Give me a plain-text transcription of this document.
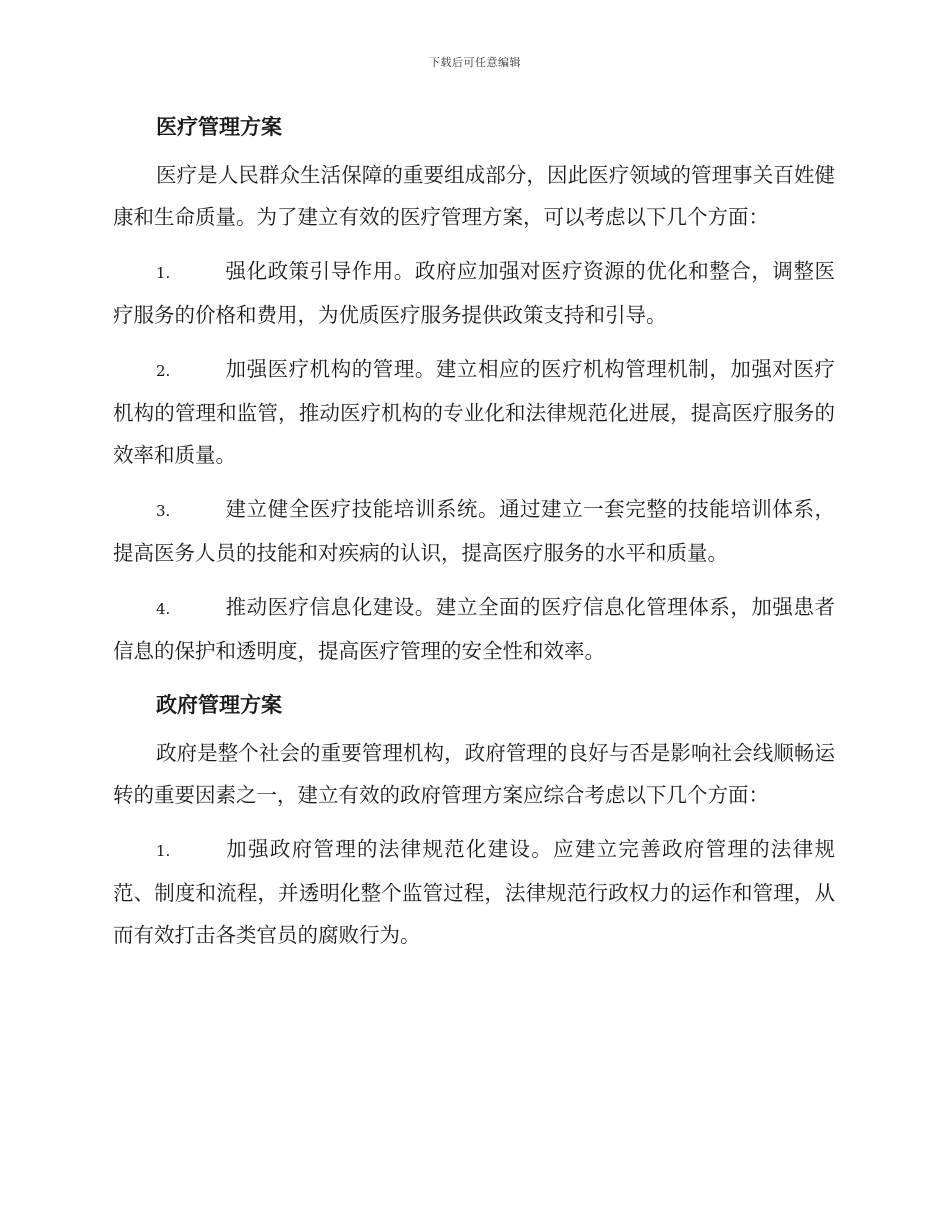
下载后可任意编辑
医疗管理方案
医疗是人民群众生活保障的重要组成部分，因此医疗领域的管理事关百姓健康和生命质量。为了建立有效的医疗管理方案，可以考虑以下几个方面：
1.	强化政策引导作用。政府应加强对医疗资源的优化和整合，调整医疗服务的价格和费用，为优质医疗服务提供政策支持和引导。
2.	加强医疗机构的管理。建立相应的医疗机构管理机制，加强对医疗机构的管理和监管，推动医疗机构的专业化和法律规范化进展，提高医疗服务的效率和质量。
3.	建立健全医疗技能培训系统。通过建立一套完整的技能培训体系，提高医务人员的技能和对疾病的认识，提高医疗服务的水平和质量。
4.	推动医疗信息化建设。建立全面的医疗信息化管理体系，加强患者信息的保护和透明度，提高医疗管理的安全性和效率。
政府管理方案
政府是整个社会的重要管理机构，政府管理的良好与否是影响社会线顺畅运转的重要因素之一，建立有效的政府管理方案应综合考虑以下几个方面：
1.	加强政府管理的法律规范化建设。应建立完善政府管理的法律规范、制度和流程，并透明化整个监管过程，法律规范行政权力的运作和管理，从而有效打击各类官员的腐败行为。
